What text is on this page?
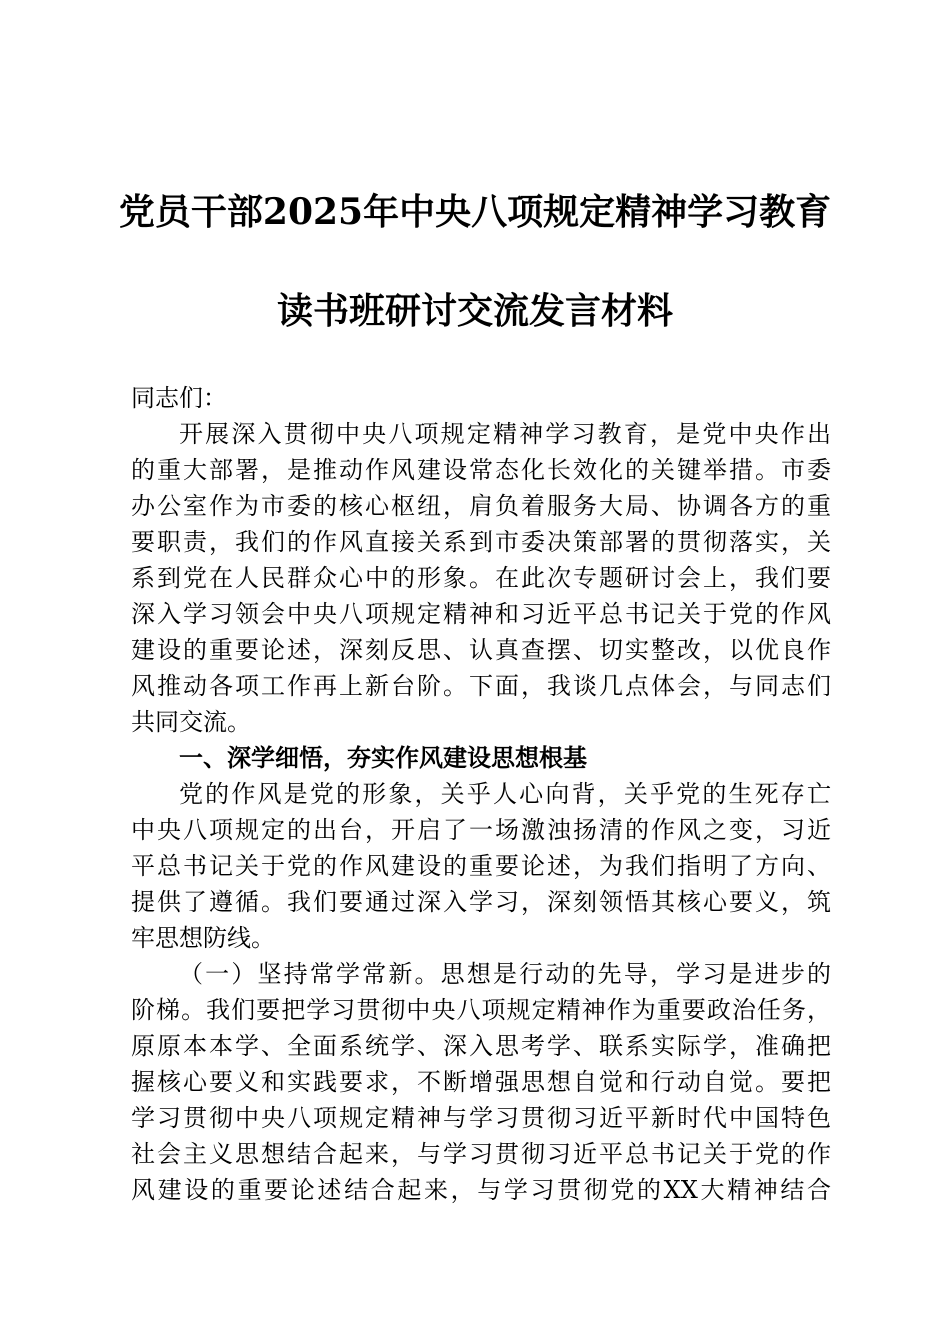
党员干部2025年中央八项规定精神学习教育
读书班研讨交流发言材料
同志们：
开展深入贯彻中央八项规定精神学习教育，是党中央作出
的重大部署，是推动作风建设常态化长效化的关键举措。市委
办公室作为市委的核心枢纽，肩负着服务大局、协调各方的重
要职责，我们的作风直接关系到市委决策部署的贯彻落实，关
系到党在人民群众心中的形象。在此次专题研讨会上，我们要
深入学习领会中央八项规定精神和习近平总书记关于党的作风
建设的重要论述，深刻反思、认真查摆、切实整改，以优良作
风推动各项工作再上新台阶。下面，我谈几点体会，与同志们
共同交流。
一、深学细悟，夯实作风建设思想根基
党的作风是党的形象，关乎人心向背，关乎党的生死存亡
中央八项规定的出台，开启了一场激浊扬清的作风之变，习近
平总书记关于党的作风建设的重要论述，为我们指明了方向、
提供了遵循。我们要通过深入学习，深刻领悟其核心要义，筑
牢思想防线。
（一）坚持常学常新。思想是行动的先导，学习是进步的
阶梯。我们要把学习贯彻中央八项规定精神作为重要政治任务，
原原本本学、全面系统学、深入思考学、联系实际学，准确把
握核心要义和实践要求，不断增强思想自觉和行动自觉。要把
学习贯彻中央八项规定精神与学习贯彻习近平新时代中国特色
社会主义思想结合起来，与学习贯彻习近平总书记关于党的作
风建设的重要论述结合起来，与学习贯彻党的XX大精神结合
